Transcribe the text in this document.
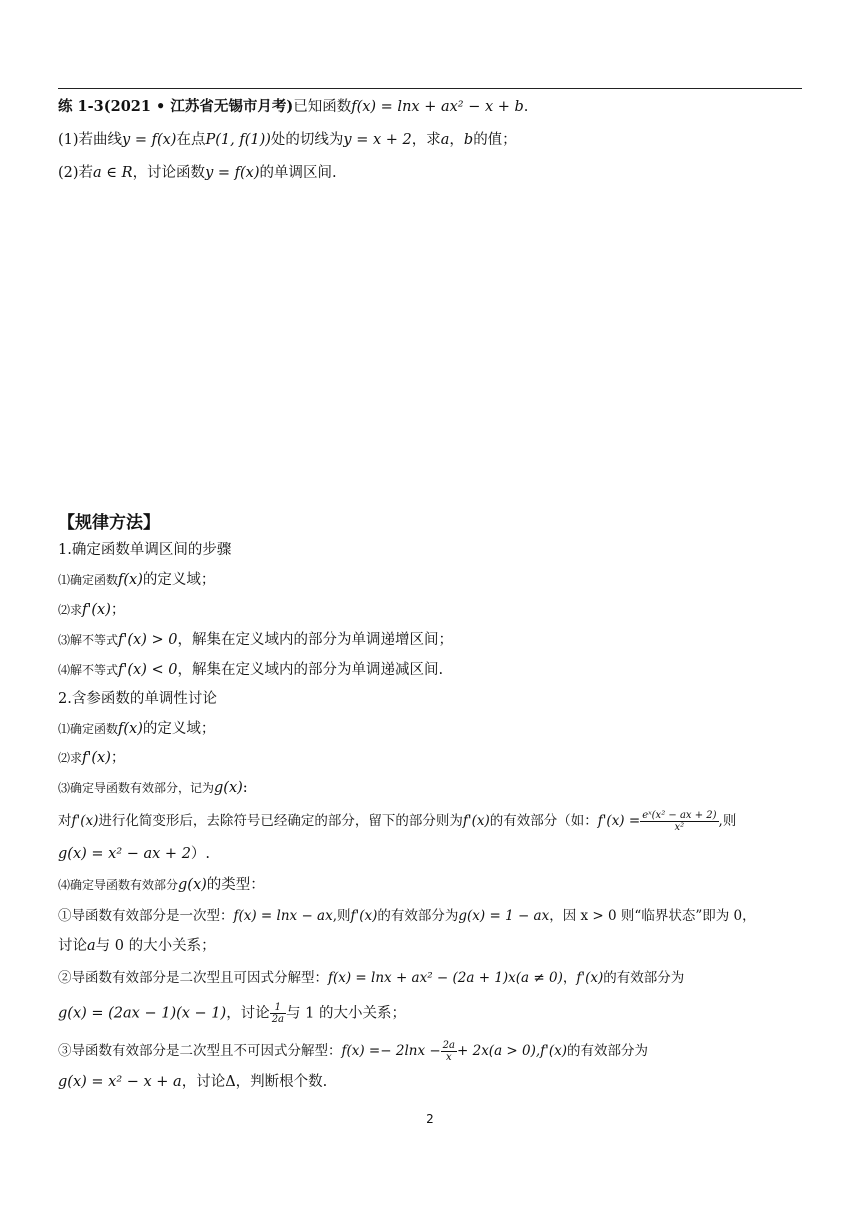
练 1-3(2021 • 江苏省无锡市月考)已知函数f(x) = lnx + ax² − x + b.
(1)若曲线y = f(x)在点P(1, f(1))处的切线为y = x + 2，求a，b的值；
(2)若a ∈ R，讨论函数y = f(x)的单调区间.
【规律方法】
1.确定函数单调区间的步骤
⑴确定函数f(x)的定义域；
⑵求f'(x)；
⑶解不等式f'(x) > 0，解集在定义域内的部分为单调递增区间；
⑷解不等式f'(x) < 0，解集在定义域内的部分为单调递减区间.
2.含参函数的单调性讨论
⑴确定函数f(x)的定义域；
⑵求f'(x)；
⑶确定导函数有效部分，记为g(x):
对f'(x)进行化简变形后，去除符号已经确定的部分，留下的部分则为f'(x)的有效部分（如：$f'(x) = \frac{\text{eˣ(x² − ax + 2)}}{\text{x²}}$ ,则
g(x) = x² − ax + 2）.
⑷确定导函数有效部分g(x)的类型：
①导函数有效部分是一次型：f(x) = lnx − ax,则f'(x)的有效部分为g(x) = 1 − ax，因 x > 0 则“临界状态”即为 0，
讨论a与 0 的大小关系；
②导函数有效部分是二次型且可因式分解型：f(x) = lnx + ax² − (2a + 1)x(a ≠ 0)，f'(x)的有效部分为
g(x) = (2ax − 1)(x − 1)，讨论 $\frac{1}{2a}$ 与 1 的大小关系；
③导函数有效部分是二次型且不可因式分解型：$f(x) =- 2\ln x - \frac{2a}{x} + 2x(a > 0),f'(x)$的有效部分为
g(x) = x² − x + a，讨论Δ，判断根个数.
2
